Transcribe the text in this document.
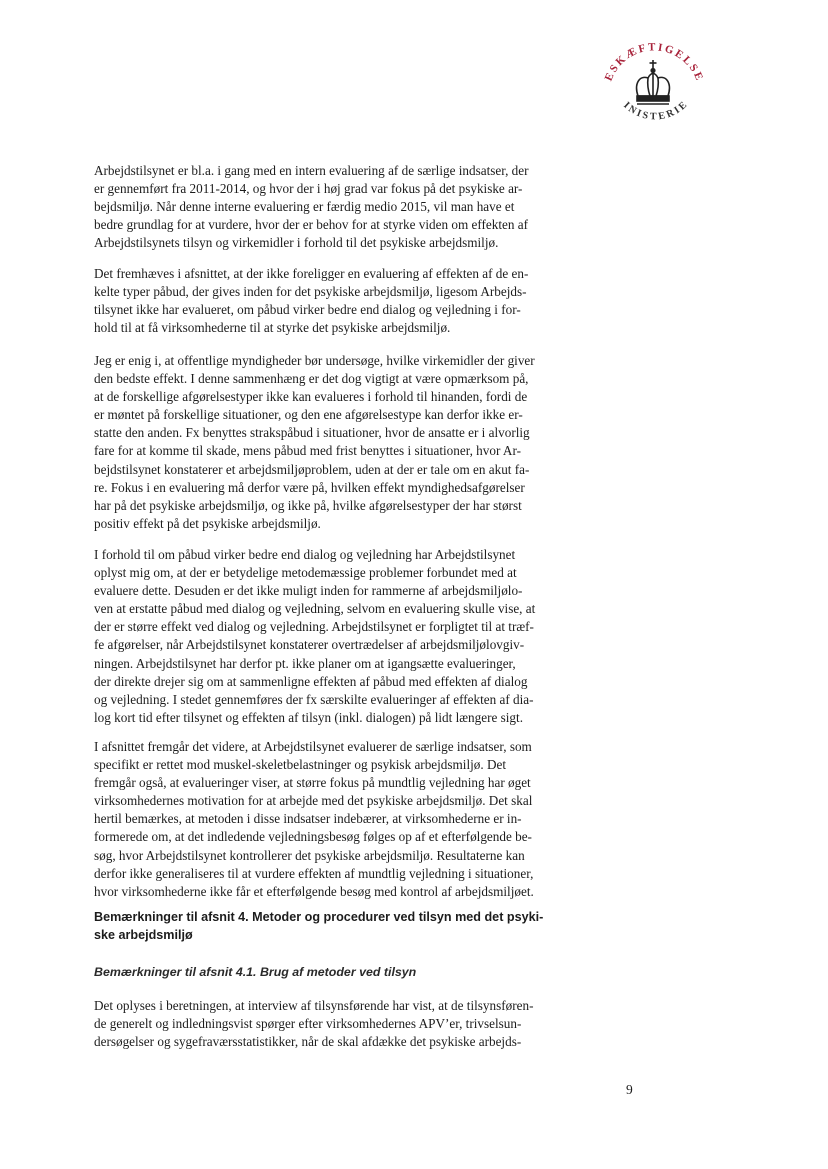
ESKÆFTIGELSE
INISTERIE

Arbejdstilsynet er bl.a. i gang med en intern evaluering af de særlige indsatser, der
er gennemført fra 2011-2014, og hvor der i høj grad var fokus på det psykiske ar-
bejdsmiljø. Når denne interne evaluering er færdig medio 2015, vil man have et
bedre grundlag for at vurdere, hvor der er behov for at styrke viden om effekten af
Arbejdstilsynets tilsyn og virkemidler i forhold til det psykiske arbejdsmiljø.

Det fremhæves i afsnittet, at der ikke foreligger en evaluering af effekten af de en-
kelte typer påbud, der gives inden for det psykiske arbejdsmiljø, ligesom Arbejds-
tilsynet ikke har evalueret, om påbud virker bedre end dialog og vejledning i for-
hold til at få virksomhederne til at styrke det psykiske arbejdsmiljø.

Jeg er enig i, at offentlige myndigheder bør undersøge, hvilke virkemidler der giver
den bedste effekt. I denne sammenhæng er det dog vigtigt at være opmærksom på,
at de forskellige afgørelsestyper ikke kan evalueres i forhold til hinanden, fordi de
er møntet på forskellige situationer, og den ene afgørelsestype kan derfor ikke er-
statte den anden. Fx benyttes strakspåbud i situationer, hvor de ansatte er i alvorlig
fare for at komme til skade, mens påbud med frist benyttes i situationer, hvor Ar-
bejdstilsynet konstaterer et arbejdsmiljøproblem, uden at der er tale om en akut fa-
re. Fokus i en evaluering må derfor være på, hvilken effekt myndighedsafgørelser
har på det psykiske arbejdsmiljø, og ikke på, hvilke afgørelsestyper der har størst
positiv effekt på det psykiske arbejdsmiljø.

I forhold til om påbud virker bedre end dialog og vejledning har Arbejdstilsynet
oplyst mig om, at der er betydelige metodemæssige problemer forbundet med at
evaluere dette. Desuden er det ikke muligt inden for rammerne af arbejdsmiljølo-
ven at erstatte påbud med dialog og vejledning, selvom en evaluering skulle vise, at
der er større effekt ved dialog og vejledning. Arbejdstilsynet er forpligtet til at træf-
fe afgørelser, når Arbejdstilsynet konstaterer overtrædelser af arbejdsmiljølovgiv-
ningen. Arbejdstilsynet har derfor pt. ikke planer om at igangsætte evalueringer,
der direkte drejer sig om at sammenligne effekten af påbud med effekten af dialog
og vejledning. I stedet gennemføres der fx særskilte evalueringer af effekten af dia-
log kort tid efter tilsynet og effekten af tilsyn (inkl. dialogen) på lidt længere sigt.

I afsnittet fremgår det videre, at Arbejdstilsynet evaluerer de særlige indsatser, som
specifikt er rettet mod muskel-skeletbelastninger og psykisk arbejdsmiljø. Det
fremgår også, at evalueringer viser, at større fokus på mundtlig vejledning har øget
virksomhedernes motivation for at arbejde med det psykiske arbejdsmiljø. Det skal
hertil bemærkes, at metoden i disse indsatser indebærer, at virksomhederne er in-
formerede om, at det indledende vejledningsbesøg følges op af et efterfølgende be-
søg, hvor Arbejdstilsynet kontrollerer det psykiske arbejdsmiljø. Resultaterne kan
derfor ikke generaliseres til at vurdere effekten af mundtlig vejledning i situationer,
hvor virksomhederne ikke får et efterfølgende besøg med kontrol af arbejdsmiljøet.

Bemærkninger til afsnit 4. Metoder og procedurer ved tilsyn med det psyki-
ske arbejdsmiljø
Bemærkninger til afsnit 4.1. Brug af metoder ved tilsyn

Det oplyses i beretningen, at interview af tilsynsførende har vist, at de tilsynsføren-
de generelt og indledningsvist spørger efter virksomhedernes APV’er, trivselsun-
dersøgelser og sygefraværsstatistikker, når de skal afdække det psykiske arbejds-

9
